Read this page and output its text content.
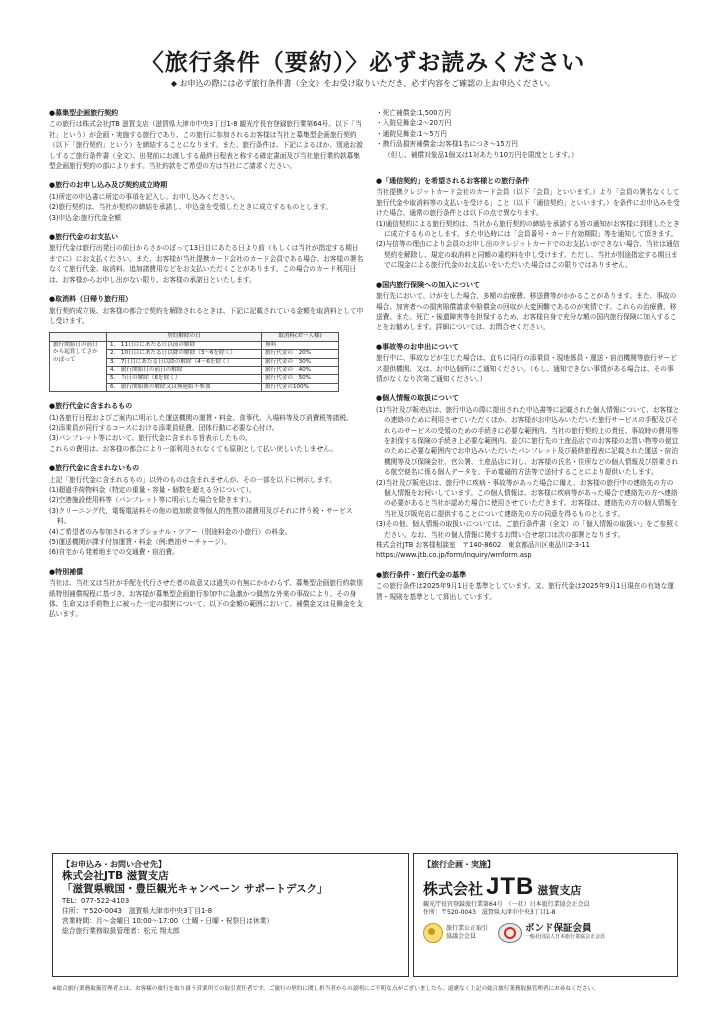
〈旅行条件（要約）〉必ずお読みください
◆ お申込の際には必ず旅行条件書（全文）をお受け取りいただき、必ず内容をご確認の上お申込ください。
●募集型企画旅行契約

この旅行は株式会社JTB 滋賀支店（滋賀県大津市中央3丁目1-8 観光庁長官登録旅行業第64号。以下「当社」という）が企画・実施する旅行であり、この旅行に参加されるお客様は当社と募集型企画旅行契約（以下「旅行契約」という）を締結することになります。また、旅行条件は、下記によるほか、別途お渡しするご旅行条件書（全文）、出発前にお渡しする最終日程表と称する確定書面及び当社旅行業約款募集型企画旅行契約の部によります。当社約款をご希望の方は当社にご請求ください。

●旅行のお申し込み及び契約成立時期

(1)所定の申込書に所定の事項を記入し、お申し込みください。

(2)旅行契約は、当社が契約の締結を承諾し、申込金を受領したときに成立するものとします。

(3)申込金:旅行代金全額

●旅行代金のお支払い

旅行代金は旅行出発日の前日からさかのぼって13日目にあたる日より前（もしくは当社が指定する期日までに）にお支払ください。また、お客様が当社提携カード会社のカード会員である場合、お客様の署名なくて旅行代金、取消料、追加諸費用などをお支払いただくことがあります。この場合のカード利用日は、お客様からお申し出がない限り、お客様の承諾日といたします。

●取消料（日帰り旅行用）

旅行契約成立後、お客様の都合で契約を解除されるときは、下記に記載されている金額を取消料として申し受けます。

	契約解除の日	取消料(お一人様)
旅行開始日の前日から起算してさかのぼって	1.　11日目にあたる日以前の解除	無料
	2.　10日目にあたる日以降の解除（3～6を除く）	旅行代金の　20%
	3.　7日目にあたる日以降の解除（4～6を除く）	旅行代金の　30%
	4.　旅行開始日の前日の解除	旅行代金の　40%
	5.　当日の解除（6を除く）	旅行代金の　50%
	6.　旅行開始後の解除又は無連絡不参加	旅行代金の100%
●旅行代金に含まれるもの

(1)各旅行日程およびご案内に明示した運送機関の運賃・料金、食事代、入場料等及び消費税等諸税。

(2)添乗員が同行するコースにおける添乗員経費、団体行動に必要な心付け。

(3)パンフレット等において、旅行代金に含まれる旨表示したもの。

これらの費用は、お客様の都合により一部利用されなくても原則として払い戻しいたしません。

●旅行代金に含まれないもの

上記「旅行代金に含まれるもの」以外のものは含まれませんが、その一部を以下に例示します。

(1)超過手荷物料金（特定の重量・容量・個数を超える分について）。

(2)空港施設使用料等（パンフレット等に明示した場合を除きます）。

(3)クリーニング代、電報電話料その他の追加飲食等個人的性質の諸費用及びそれに伴う税・サービス料。

(4)ご希望者のみ参加されるオプショナル・ツアー（別途料金の小旅行）の料金。

(5)運送機関が課す付加運賃・料金（例:燃油サーチャージ）。

(6)自宅から発着地までの交通費・宿泊費。

●特別補償

当社は、当社又は当社が手配を代行させた者の故意又は過失の有無にかかわらず、募集型企画旅行約款別紙特別補償規程に基づき、お客様が募集型企画旅行参加中に急激かつ偶然な外来の事故により、その身体、生命又は手荷物上に被った一定の損害について、以下の金額の範囲において、補償金又は見舞金を支払います。

・死亡補償金:1,500万円

・入院見舞金:2～20万円

・通院見舞金:1～5万円

・携行品損害補償金:お客様1名につき～15万円

（但し、補償対象品1個又は1対あたり10万円を限度とします。）

●「通信契約」を希望されるお客様との旅行条件

当社提携クレジットカード会社のカード会員（以下「会員」といいます。）より「会員の署名なくして旅行代金や取消料等の支払いを受ける」こと（以下「通信契約」といいます。）を条件にお申込みを受けた場合、通常の旅行条件とは以下の点で異なります。

(1)通信契約による旅行契約は、当社から旅行契約の締結を承諾する旨の通知がお客様に到達したときに成立するものとします。また申込時には「会員番号・カード有効期限」等を通知して頂きます。

(2)与信等の理由により会員のお申し出のクレジットカードでのお支払いができない場合、当社は通信契約を解除し、規定の取消料と同額の違約料を申し受けます。ただし、当社が別途指定する期日までに現金による旅行代金のお支払いをいただいた場合はこの限りではありません。

●国内旅行保険への加入について

旅行先において、けがをした場合、多額の治療費、移送費等がかかることがあります。また、事故の場合、加害者への損害賠償請求や賠償金の回収が大変困難であるのが実情です。これらの治療費、移送費、また、死亡・後遺障害等を担保するため、お客様自身で充分な額の国内旅行保険に加入することをお勧めします。詳細については、お問合せください。

●事故等のお申出について

旅行中に、事故などが生じた場合は、直ちに同行の添乗員・現地係員・運送・宿泊機関等旅行サービス提供機関、又は、お申込個所にご通知ください。（もし、通知できない事情がある場合は、その事情がなくなり次第ご通知ください。）

●個人情報の取扱について

(1)当社及び販売店は、旅行申込の際に提出された申込書等に記載された個人情報について、お客様との連絡のために利用させていただくほか、お客様がお申込みいただいた旅行サービスの手配及びそれらのサービスの受領のための手続きに必要な範囲内、当社の旅行契約上の責任、事故時の費用等を担保する保険の手続き上必要な範囲内、並びに旅行先の土産品店でのお客様のお買い物等の便宜のために必要な範囲内でお申込みいただいたパンフレット及び最終旅程表に記載された運送・宿泊機関等及び保険会社、官公署、土産品店に対し、お客様の氏名・住所などの個人情報及び搭乗される航空便名に係る個人データを、予め電磁的方法等で送付することにより提供いたします。

(2)当社及び販売店は、旅行中に疾病・事故等があった場合に備え、お客様の旅行中の連絡先の方の個人情報をお伺いしています。この個人情報は、お客様に疾病等があった場合で連絡先の方へ連絡の必要があると当社が認めた場合に使用させていただきます。お客様は、連絡先の方の個人情報を当社及び販売店に提供することについて連絡先の方の同意を得るものとします。

(3)その他、個人情報の取扱いについては、ご旅行条件書（全文）の「個人情報の取扱い」をご参照ください。なお、当社の個人情報に関するお問い合せ窓口は次の部署となります。

株式会社JTB お客様相談室　〒140-8602　東京都品川区東品川2-3-11

https://www.jtb.co.jp/form/inquiry/wmform.asp

●旅行条件・旅行代金の基準

この旅行条件は2025年9月1日を基準としています。又、旅行代金は2025年9月1日現在の有効な運賃・規則を基準として算出しています。

【お申込み・お問い合せ先】
株式会社JTB 滋賀支店
「滋賀県戦国・豊臣観光キャンペーン サポートデスク」
TEL：077-522-4103
住所：〒520-0043　滋賀県大津市中央3丁目1-8
営業時間：月～金曜日 10:00～17:00（土曜・日曜・祝祭日は休業）
総合旅行業務取扱管理者：松元 翔太郎
【旅行企画・実施】
株式会社 JTB 滋賀支店
観光庁長官登録旅行業第64号　（一社）日本旅行業協会正会員
住所：〒520-0043　滋賀県大津市中央3丁目1-8
旅行業公正取引
協議会会員
ボンド保証会員
一般社団法人日本旅行業協会正会員
※総合旅行業務取扱管理者とは、お客様の旅行を取り扱う営業所での取引責任者です。ご旅行の契約に関し担当者からの説明にご不明な点がございましたら、遠慮なく上記の総合旅行業務取扱管理者にお尋ねください。
